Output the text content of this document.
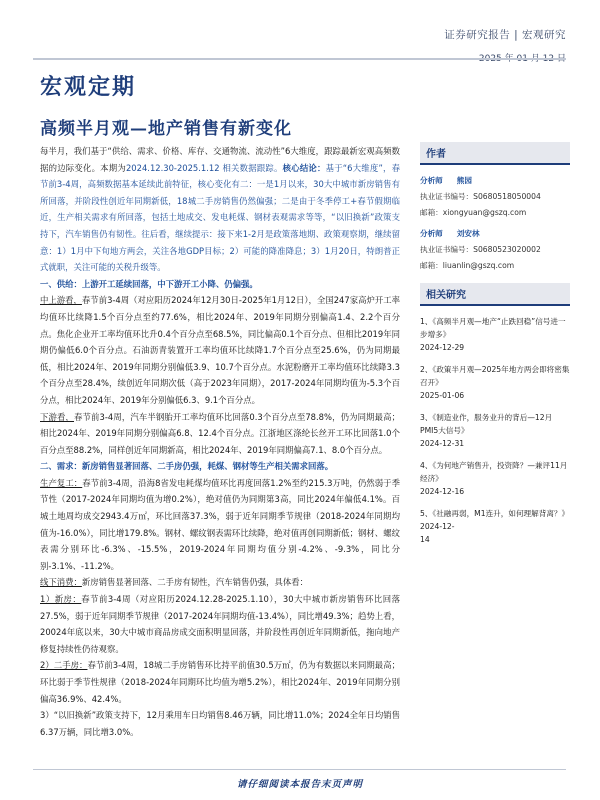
证券研究报告 | 宏观研究
宏观定期
高频半月观—地产销售有新变化

每半月，我们基于“供给、需求、价格、库存、交通物流、流动性”6大维度，跟踪最新宏观高频数据的边际变化。本期为2024.12.30-2025.1.12 相关数据跟踪。核心结论：基于“6大维度”，春节前3-4周，高频数据基本延续此前特征，核心变化有二：一是1月以来，30大中城市新房销售有所回落，并阶段性创近年同期新低，18城二手房销售仍然偏强；二是由于冬季停工+春节假期临近，生产相关需求有所回落，包括土地成交、发电耗煤、钢材表观需求等等，“以旧换新”政策支持下，汽车销售仍有韧性。往后看，继续提示：接下来1-2月是政策落地期、政策观察期，继续留意：1）1月中下旬地方两会，关注各地GDP目标；2）可能的降准降息；3）1月20日，特朗普正式就职，关注可能的关税升级等。

一、供给：上游开工延续回落，中下游开工小降、仍偏强。

中上游看，春节前3-4周（对应阳历2024年12月30日-2025年1月12日），全国247家高炉开工率均值环比续降1.5个百分点至约77.6%，相比2024年、2019年同期分别偏高1.4、2.2个百分点。焦化企业开工率均值环比升0.4个百分点至68.5%，同比偏高0.1个百分点、但相比2019年同期仍偏低6.0个百分点。石油沥青装置开工率均值环比续降1.7个百分点至25.6%，仍为同期最低，相比2024年、2019年同期分别偏低3.9、10.7个百分点。水泥粉磨开工率均值环比续降3.3个百分点至28.4%，续创近年同期次低（高于2023年同期），2017-2024年同期均值为-5.3个百分点，相比2024年、2019年分别偏低6.3、9.1个百分点。

下游看，春节前3-4周，汽车半钢胎开工率均值环比回落0.3个百分点至78.8%，仍为同期最高；相比2024年、2019年同期分别偏高6.8、12.4个百分点。江浙地区涤纶长丝开工环比回落1.0个百分点至88.2%，同样创近年同期新高，相比2024年、2019年同期偏高7.1、8.0个百分点。

二、需求：新房销售显著回落、二手房仍强，耗煤、钢材等生产相关需求回落。

生产复工：春节前3-4周，沿海8省发电耗煤均值环比再度回落1.2%至约215.3万吨，仍然弱于季节性（2017-2024年同期均值为增0.2%），绝对值仍为同期第3高，同比2024年偏低4.1%。百城土地周均成交2943.4万㎡，环比回落37.3%，弱于近年同期季节规律（2018-2024年同期均值为-16.0%），同比增179.8%。钢材、螺纹钢表需环比续降，绝对值再创同期新低；钢材、螺纹表需分别环比-6.3%、-15.5%，2019-2024年同期均值分别-4.2%、-9.3%，同比分别-3.1%、-11.2%。

线下消费：新房销售显著回落、二手房有韧性，汽车销售仍强，具体看：

1）新房：春节前3-4周（对应阳历2024.12.28-2025.1.10），30大中城市新房销售环比回落27.5%，弱于近年同期季节规律（2017-2024年同期均值-13.4%），同比增49.3%；趋势上看，20024年底以来，30大中城市商品房成交面积明显回落，并阶段性再创近年同期新低，拖向地产修复持续性仍待观察。

2）二手房：春节前3-4周，18城二手房销售环比持平前值30.5万㎡，仍为有数据以来同期最高；环比弱于季节性规律（2018-2024年同期环比均值为增5.2%），相比2024年、2019年同期分别偏高36.9%、42.4%。

3）“以旧换新”政策支持下，12月乘用车日均销售8.46万辆，同比增11.0%；2024全年日均销售6.37万辆，同比增3.0%。

作者
分析师 熊园
执业证书编号：S0680518050004
邮箱：xiongyuan@gszq.com
分析师 刘安林
执业证书编号：S0680523020002
邮箱：liuanlin@gszq.com
相关研究
1、《高频半月观—地产“止跌回稳”信号进一步增多》
2024-12-29
2、《政策半月观—2025年地方两会即将密集召开》
2025-01-06
3、《制造业作，服务业升的背后—12月PMI5大信号》
2024-12-31
4、《为何地产销售升，投资降？—兼评11月经济》
2024-12-16
5、《社融再弱，M1连升，如何理解背离？》2024-12-
14
请仔细阅读本报告末页声明
